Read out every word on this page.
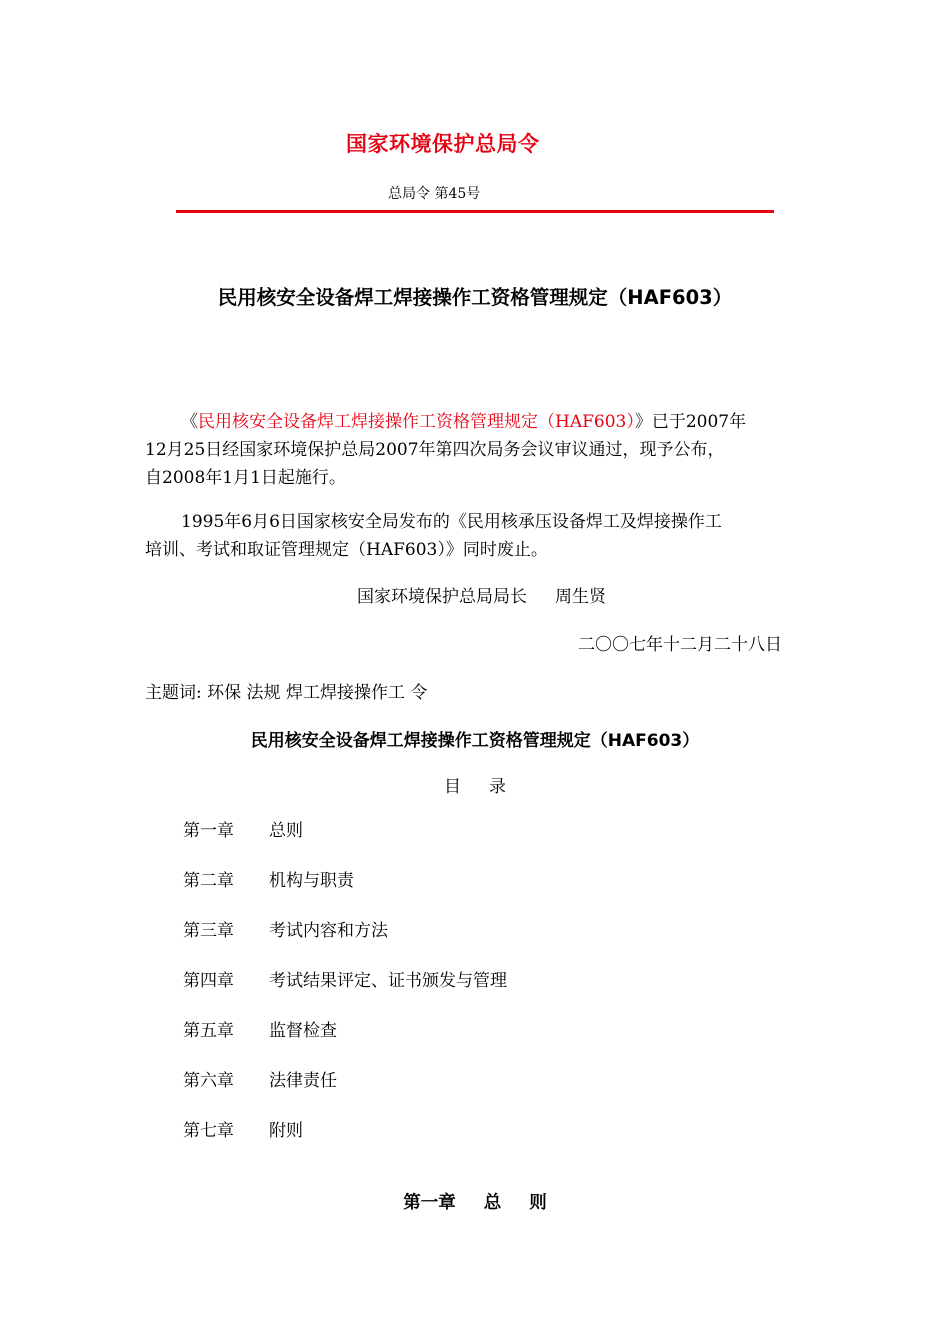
国家环境保护总局令
总局令 第45号
民用核安全设备焊工焊接操作工资格管理规定（HAF603）
《民用核安全设备焊工焊接操作工资格管理规定（HAF603）》已于2007年
12月25日经国家环境保护总局2007年第四次局务会议审议通过，现予公布，
自2008年1月1日起施行。
1995年6月6日国家核安全局发布的《民用核承压设备焊工及焊接操作工
培训、考试和取证管理规定（HAF603）》同时废止。
国家环境保护总局局长 周生贤
二〇〇七年十二月二十八日
主题词: 环保 法规 焊工焊接操作工 令
民用核安全设备焊工焊接操作工资格管理规定（HAF603）
目 录
第一章 总则
第二章 机构与职责
第三章 考试内容和方法
第四章 考试结果评定、证书颁发与管理
第五章 监督检查
第六章 法律责任
第七章 附则
第一章 总 则
